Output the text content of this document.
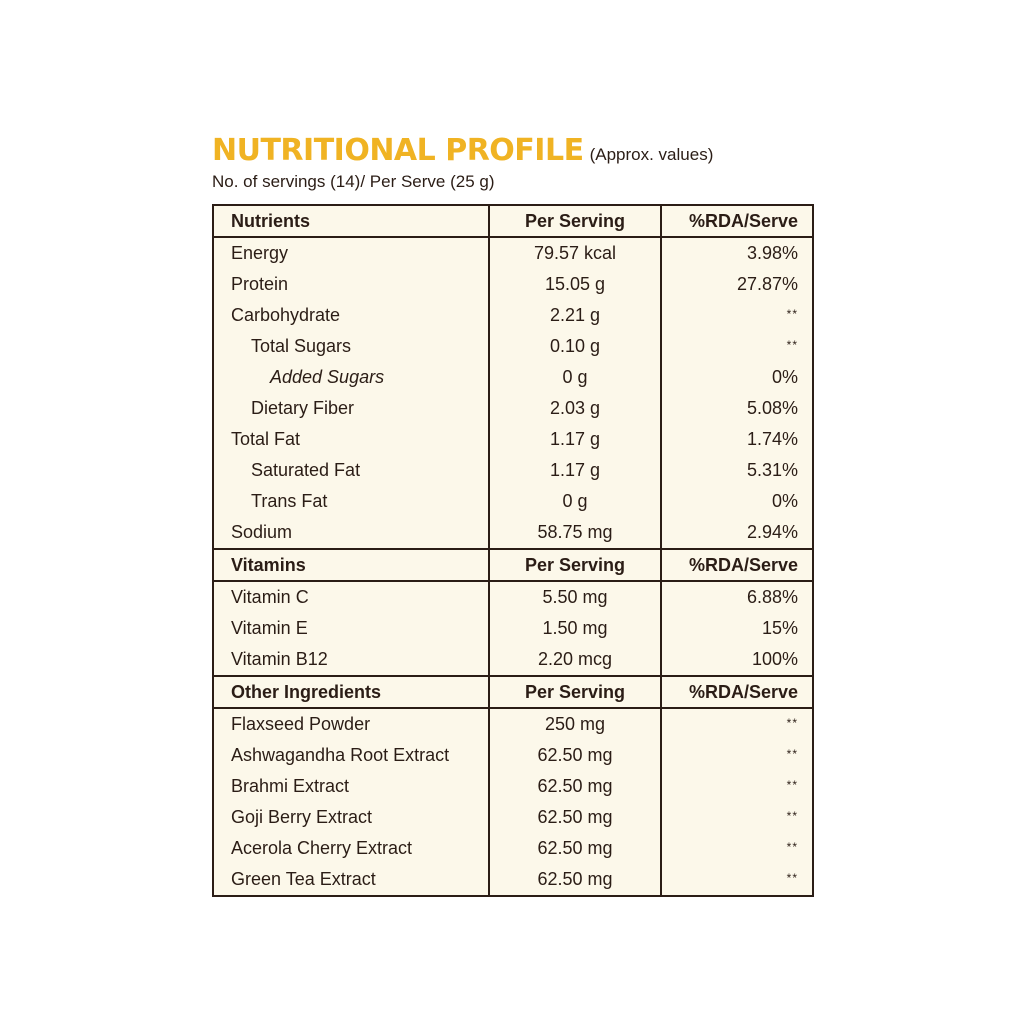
NUTRITIONAL PROFILE (Approx. values)
No. of servings (14)/ Per Serve (25 g)
Nutrients	Per Serving	%RDA/Serve
Energy	79.57 kcal	3.98%
Protein	15.05 g	27.87%
Carbohydrate	2.21 g	**
Total Sugars	0.10 g	**
Added Sugars	0 g	0%
Dietary Fiber	2.03 g	5.08%
Total Fat	1.17 g	1.74%
Saturated Fat	1.17 g	5.31%
Trans Fat	0 g	0%
Sodium	58.75 mg	2.94%
Vitamins	Per Serving	%RDA/Serve
Vitamin C	5.50 mg	6.88%
Vitamin E	1.50 mg	15%
Vitamin B12	2.20 mcg	100%
Other Ingredients	Per Serving	%RDA/Serve
Flaxseed Powder	250 mg	**
Ashwagandha Root Extract	62.50 mg	**
Brahmi Extract	62.50 mg	**
Goji Berry Extract	62.50 mg	**
Acerola Cherry Extract	62.50 mg	**
Green Tea Extract	62.50 mg	**
